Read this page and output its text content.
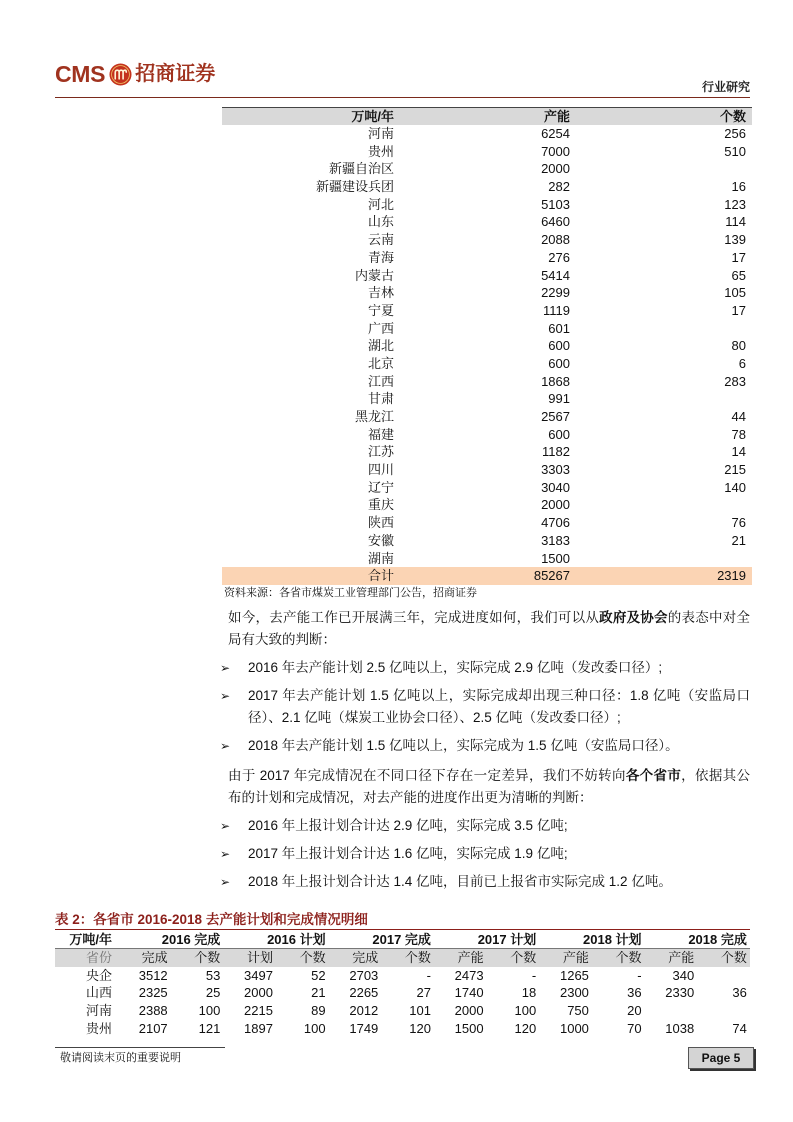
CMS 招商证券
行业研究
万吨/年	产能	个数
河南	6254	256
贵州	7000	510
新疆自治区	2000
新疆建设兵团	282	16
河北	5103	123
山东	6460	114
云南	2088	139
青海	276	17
内蒙古	5414	65
吉林	2299	105
宁夏	1119	17
广西	601
湖北	600	80
北京	600	6
江西	1868	283
甘肃	991
黑龙江	2567	44
福建	600	78
江苏	1182	14
四川	3303	215
辽宁	3040	140
重庆	2000
陕西	4706	76
安徽	3183	21
湖南	1500
合计	85267	2319
资料来源：各省市煤炭工业管理部门公告，招商证券
如今，去产能工作已开展满三年，完成进度如何，我们可以从政府及协会的表态中对全
局有大致的判断：
➢ 2016 年去产能计划 2.5 亿吨以上，实际完成 2.9 亿吨（发改委口径）;
➢ 2017 年去产能计划 1.5 亿吨以上，实际完成却出现三种口径：1.8 亿吨（安监局口
径）、2.1 亿吨（煤炭工业协会口径）、2.5 亿吨（发改委口径）;
➢ 2018 年去产能计划 1.5 亿吨以上，实际完成为 1.5 亿吨（安监局口径）。
由于 2017 年完成情况在不同口径下存在一定差异，我们不妨转向各个省市，依据其公
布的计划和完成情况，对去产能的进度作出更为清晰的判断：
➢ 2016 年上报计划合计达 2.9 亿吨，实际完成 3.5 亿吨;
➢ 2017 年上报计划合计达 1.6 亿吨，实际完成 1.9 亿吨;
➢ 2018 年上报计划合计达 1.4 亿吨，目前已上报省市实际完成 1.2 亿吨。
表 2：各省市 2016-2018 去产能计划和完成情况明细
万吨/年	2016 完成	2016 计划	2017 完成	2017 计划	2018 计划	2018 完成
省份	完成	个数	计划	个数	完成	个数	产能	个数	产能	个数	产能	个数
央企	3512	53	3497	52	2703	-	2473	-	1265	-	340
山西	2325	25	2000	21	2265	27	1740	18	2300	36	2330	36
河南	2388	100	2215	89	2012	101	2000	100	750	20
贵州	2107	121	1897	100	1749	120	1500	120	1000	70	1038	74
敬请阅读末页的重要说明	Page 5
